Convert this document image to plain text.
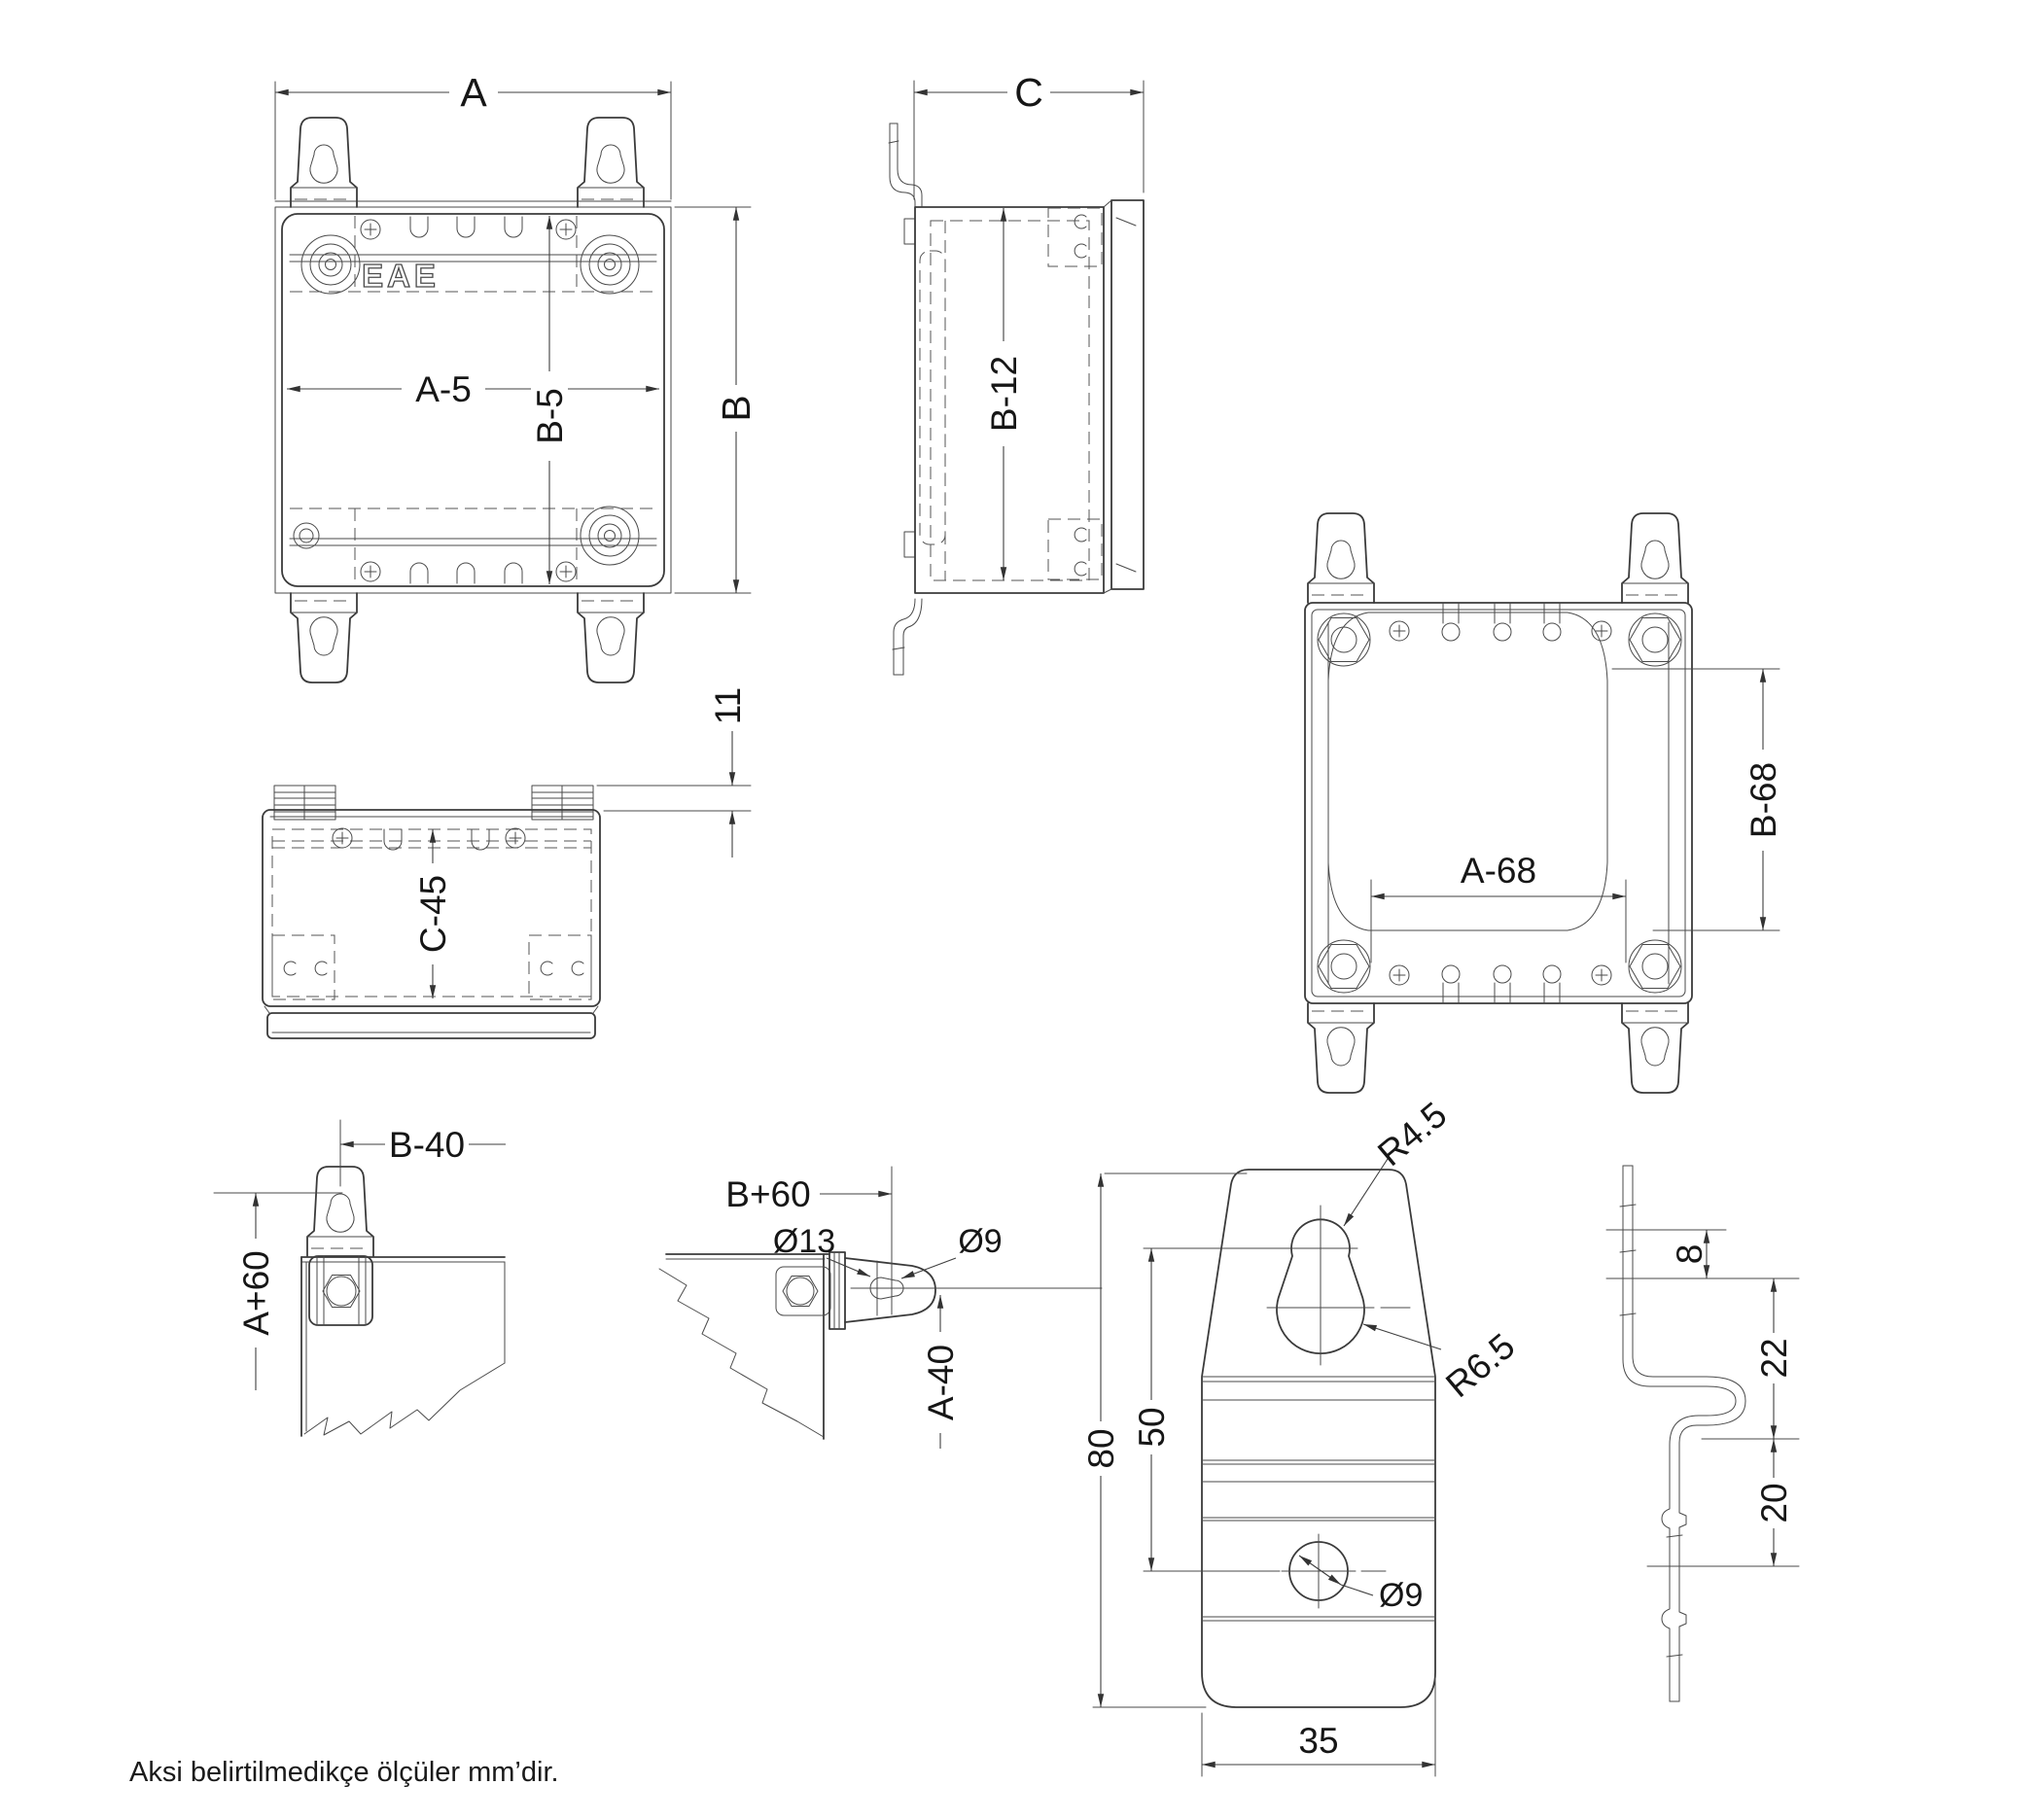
A
EAE
A-5 B-5	B
C
B-12
A-68
B-68
C-45
11
B-40
A+60
B+60
Ø13	Ø9
A-40
80
50
R4.5
R6.5
Ø9
35
8
22
20
Aksi belirtilmedikçe ölçüler mm’dir.
